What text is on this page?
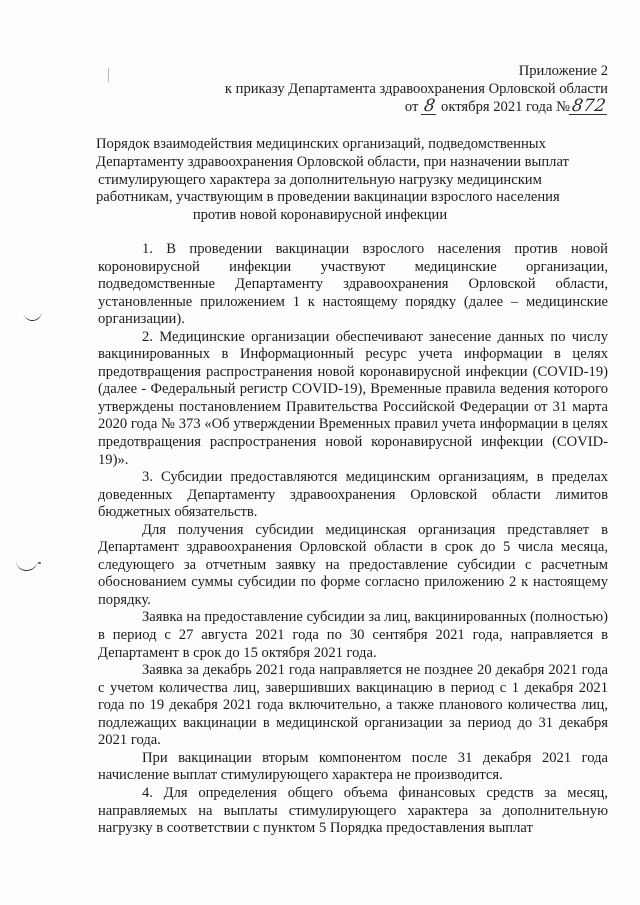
Приложение 2
к приказу Департамента здравоохранения Орловской области
от 8 октября 2021 года №872
Порядок взаимодействия медицинских организаций, подведомственных
Департаменту здравоохранения Орловской области, при назначении выплат
стимулирующего характера за дополнительную нагрузку медицинским
работникам, участвующим в проведении вакцинации взрослого населения
против новой коронавирусной инфекции

1. В проведении вакцинации взрослого населения против новой короновирусной инфекции участвуют медицинские организации, подведомственные Департаменту здравоохранения Орловской области, установленные приложением 1 к настоящему порядку (далее – медицинские организации).

2. Медицинские организации обеспечивают занесение данных по числу вакцинированных в Информационный ресурс учета информации в целях предотвращения распространения новой коронавирусной инфекции (COVID-19) (далее - Федеральный регистр COVID-19), Временные правила ведения которого утверждены постановлением Правительства Российской Федерации от 31 марта 2020 года № 373 «Об утверждении Временных правил учета информации в целях предотвращения распространения новой коронавирусной инфекции (COVID-19)».

3. Субсидии предоставляются медицинским организациям, в пределах доведенных Департаменту здравоохранения Орловской области лимитов бюджетных обязательств.

Для получения субсидии медицинская организация представляет в Департамент здравоохранения Орловской области в срок до 5 числа месяца, следующего за отчетным заявку на предоставление субсидии с расчетным обоснованием суммы субсидии по форме согласно приложению 2 к настоящему порядку.

Заявка на предоставление субсидии за лиц, вакцинированных (полностью) в период с 27 августа 2021 года по 30 сентября 2021 года, направляется в Департамент в срок до 15 октября 2021 года.

Заявка за декабрь 2021 года направляется не позднее 20 декабря 2021 года с учетом количества лиц, завершивших вакцинацию в период с 1 декабря 2021 года по 19 декабря 2021 года включительно, а также планового количества лиц, подлежащих вакцинации в медицинской организации за период до 31 декабря 2021 года.

При вакцинации вторым компонентом после 31 декабря 2021 года начисление выплат стимулирующего характера не производится.

4. Для определения общего объема финансовых средств за месяц, направляемых на выплаты стимулирующего характера за дополнительную нагрузку в соответствии с пунктом 5 Порядка предоставления выплат
